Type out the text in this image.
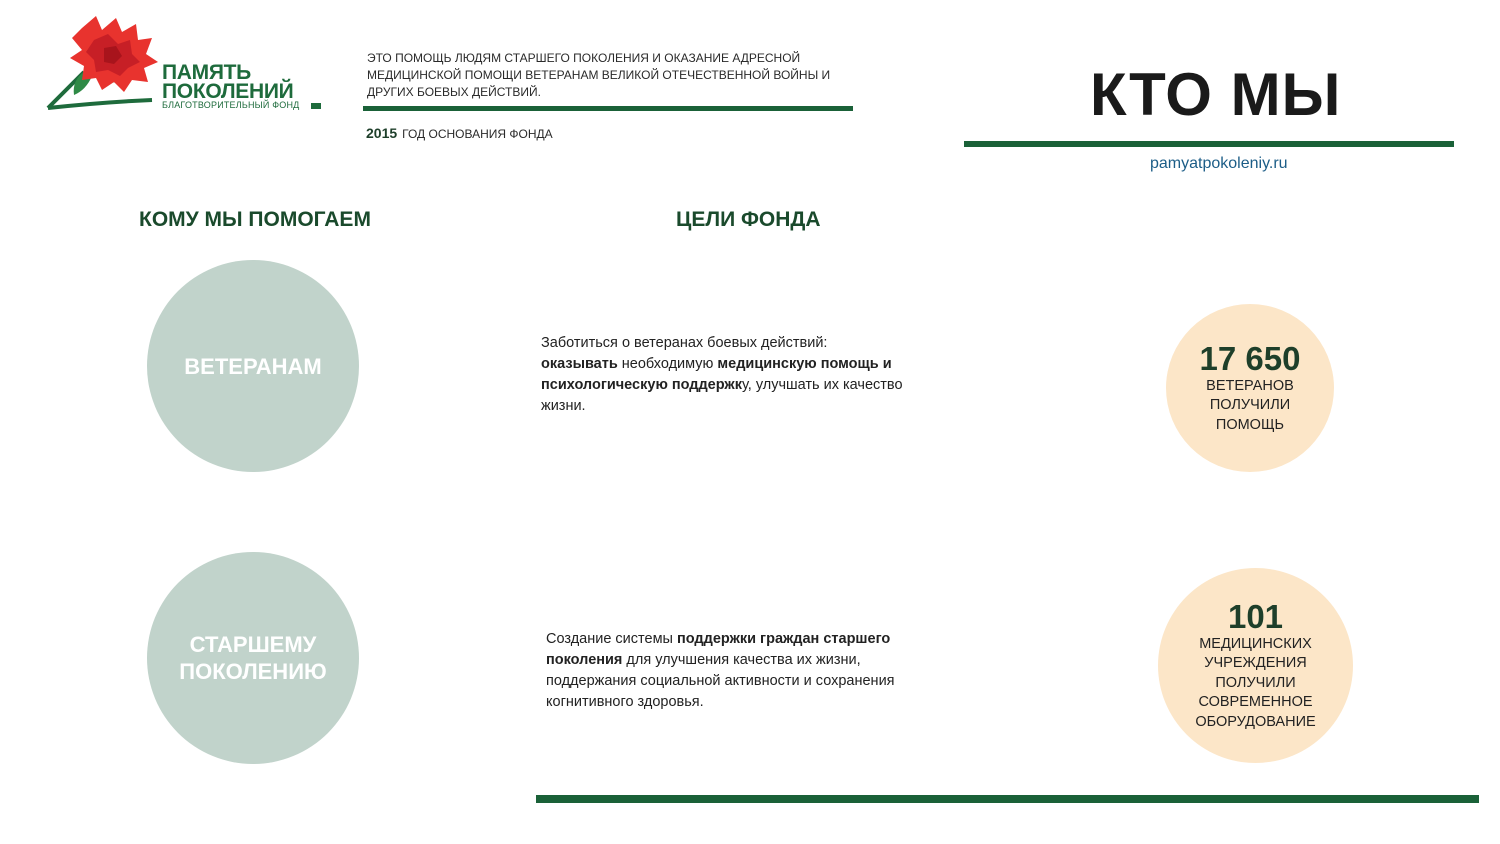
ПАМЯТЬ
ПОКОЛЕНИЙ
БЛАГОТВОРИТЕЛЬНЫЙ ФОНД
ЭТО ПОМОЩЬ ЛЮДЯМ СТАРШЕГО ПОКОЛЕНИЯ И ОКАЗАНИЕ АДРЕСНОЙ МЕДИЦИНСКОЙ ПОМОЩИ ВЕТЕРАНАМ ВЕЛИКОЙ ОТЕЧЕСТВЕННОЙ ВОЙНЫ И ДРУГИХ БОЕВЫХ ДЕЙСТВИЙ.
2015 ГОД ОСНОВАНИЯ ФОНДА
КТО МЫ
pamyatpokoleniy.ru
КОМУ МЫ ПОМОГАЕМ	ЦЕЛИ ФОНДА
ВЕТЕРАНАМ
СТАРШЕМУ
ПОКОЛЕНИЮ
Заботиться о ветеранах боевых действий:
оказывать необходимую медицинскую помощь и психологическую поддержку, улучшать их качество жизни.
Создание системы поддержки граждан старшего поколения для улучшения качества их жизни, поддержания социальной активности и сохранения когнитивного здоровья.
17 650
ВЕТЕРАНОВ
ПОЛУЧИЛИ
ПОМОЩЬ
101
МЕДИЦИНСКИХ
УЧРЕЖДЕНИЯ
ПОЛУЧИЛИ
СОВРЕМЕННОЕ
ОБОРУДОВАНИЕ
